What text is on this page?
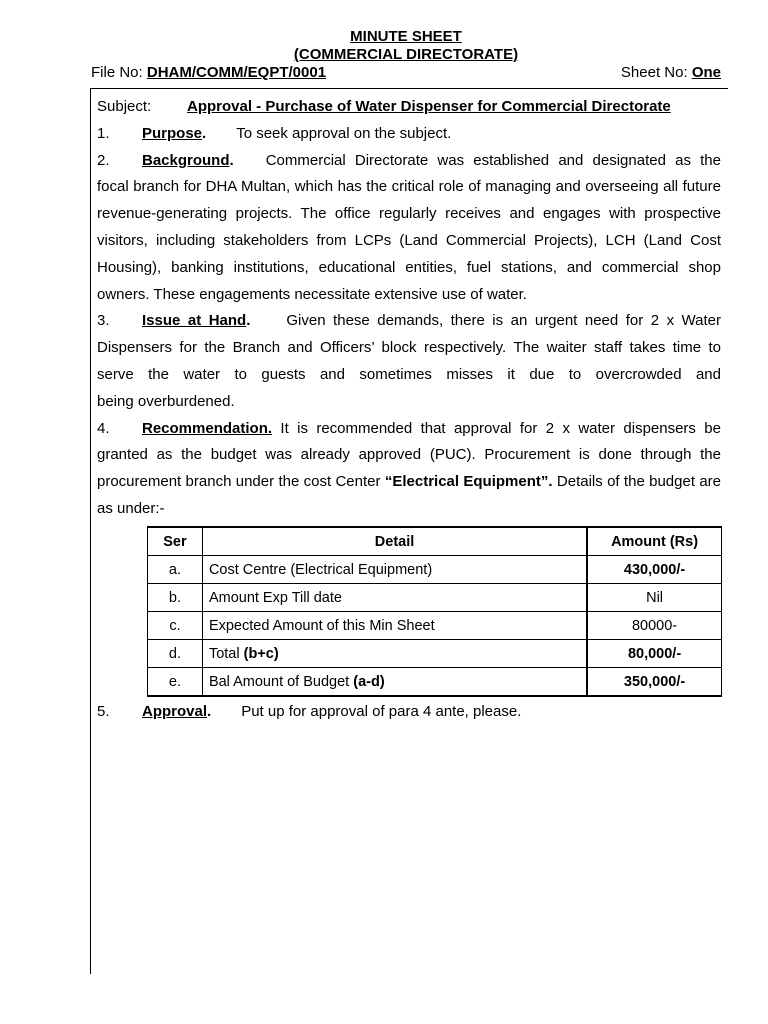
MINUTE SHEET
(COMMERCIAL DIRECTORATE)
File No: DHAM/COMM/EQPT/0001	Sheet No: One
Subject: Approval - Purchase of Water Dispenser for Commercial Directorate
1. Purpose. To seek approval on the subject.
2. Background. Commercial Directorate was established and designated as the
focal branch for DHA Multan, which has the critical role of managing and overseeing all future
revenue-generating projects. The office regularly receives and engages with prospective
visitors, including stakeholders from LCPs (Land Commercial Projects), LCH (Land Cost
Housing), banking institutions, educational entities, fuel stations, and commercial shop
owners. These engagements necessitate extensive use of water.
3. Issue at Hand. Given these demands, there is an urgent need for 2 x Water
Dispensers for the Branch and Officers’ block respectively. The waiter staff takes time to
serve the water to guests and sometimes misses it due to overcrowded and
being overburdened.
4. Recommendation. It is recommended that approval for 2 x water dispensers be
granted as the budget was already approved (PUC). Procurement is done through the
procurement branch under the cost Center “Electrical Equipment”. Details of the budget are
as under:-
Ser	Detail	Amount (Rs)
a.	Cost Centre (Electrical Equipment)	430,000/-
b.	Amount Exp Till date	Nil
c.	Expected Amount of this Min Sheet	80000-
d.	Total (b+c)	80,000/-
e.	Bal Amount of Budget (a-d)	350,000/-
5. Approval. Put up for approval of para 4 ante, please.
